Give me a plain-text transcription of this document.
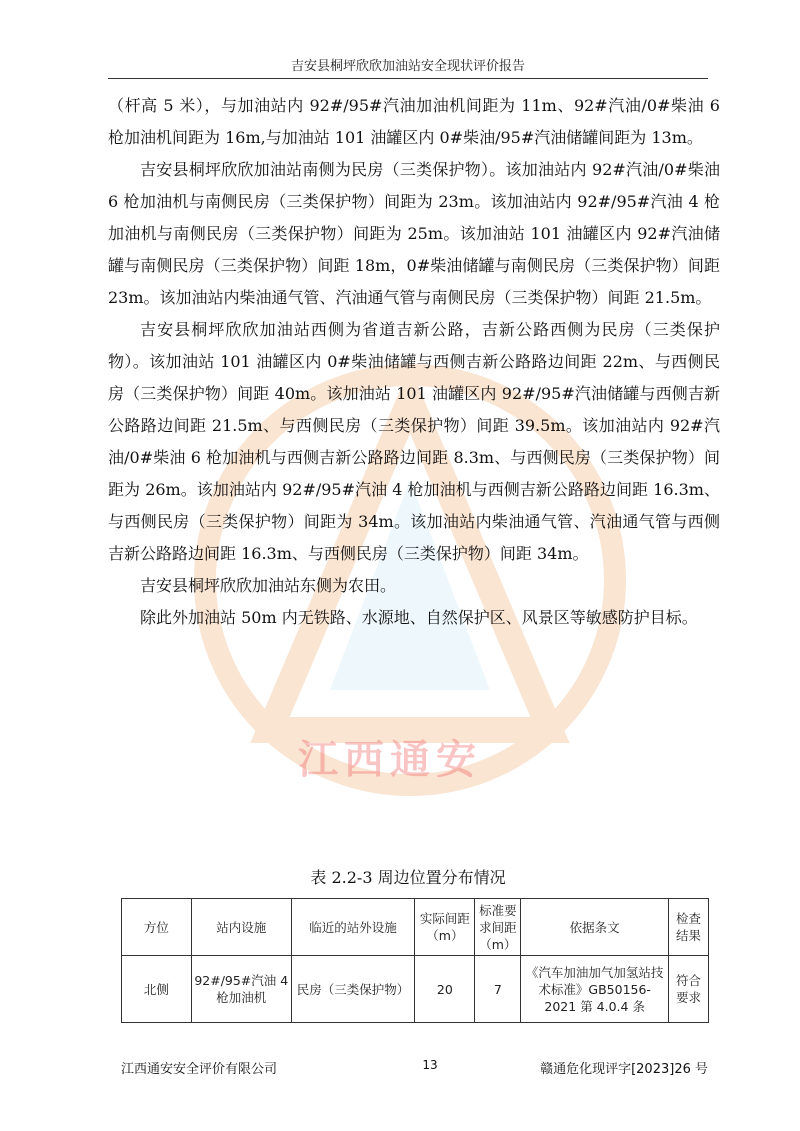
吉安县桐坪欣欣加油站安全现状评价报告
江西通安

（杆高 5 米），与加油站内 92#/95#汽油加油机间距为 11m、92#汽油/0#柴油 6 枪加油机间距为 16m,与加油站 101 油罐区内 0#柴油/95#汽油储罐间距为 13m。

吉安县桐坪欣欣加油站南侧为民房（三类保护物）。该加油站内 92#汽油/0#柴油 6 枪加油机与南侧民房（三类保护物）间距为 23m。该加油站内 92#/95#汽油 4 枪加油机与南侧民房（三类保护物）间距为 25m。该加油站 101 油罐区内 92#汽油储罐与南侧民房（三类保护物）间距 18m，0#柴油储罐与南侧民房（三类保护物）间距 23m。该加油站内柴油通气管、汽油通气管与南侧民房（三类保护物）间距 21.5m。

吉安县桐坪欣欣加油站西侧为省道吉新公路，吉新公路西侧为民房（三类保护物）。该加油站 101 油罐区内 0#柴油储罐与西侧吉新公路路边间距 22m、与西侧民房（三类保护物）间距 40m。该加油站 101 油罐区内 92#/95#汽油储罐与西侧吉新公路路边间距 21.5m、与西侧民房（三类保护物）间距 39.5m。该加油站内 92#汽油/0#柴油 6 枪加油机与西侧吉新公路路边间距 8.3m、与西侧民房（三类保护物）间距为 26m。该加油站内 92#/95#汽油 4 枪加油机与西侧吉新公路路边间距 16.3m、与西侧民房（三类保护物）间距为 34m。该加油站内柴油通气管、汽油通气管与西侧吉新公路路边间距 16.3m、与西侧民房（三类保护物）间距 34m。

吉安县桐坪欣欣加油站东侧为农田。

除此外加油站 50m 内无铁路、水源地、自然保护区、风景区等敏感防护目标。

表 2.2-3 周边位置分布情况
方位	站内设施	临近的站外设施	实际间距（m）	标准要求间距（m）	依据条文	检查结果
北侧	92#/95#汽油 4 枪加油机	民房（三类保护物）	20	7	《汽车加油加气加氢站技术标准》GB50156-2021 第 4.0.4 条	符合要求
江西通安安全评价有限公司	13	赣通危化现评字[2023]26 号
